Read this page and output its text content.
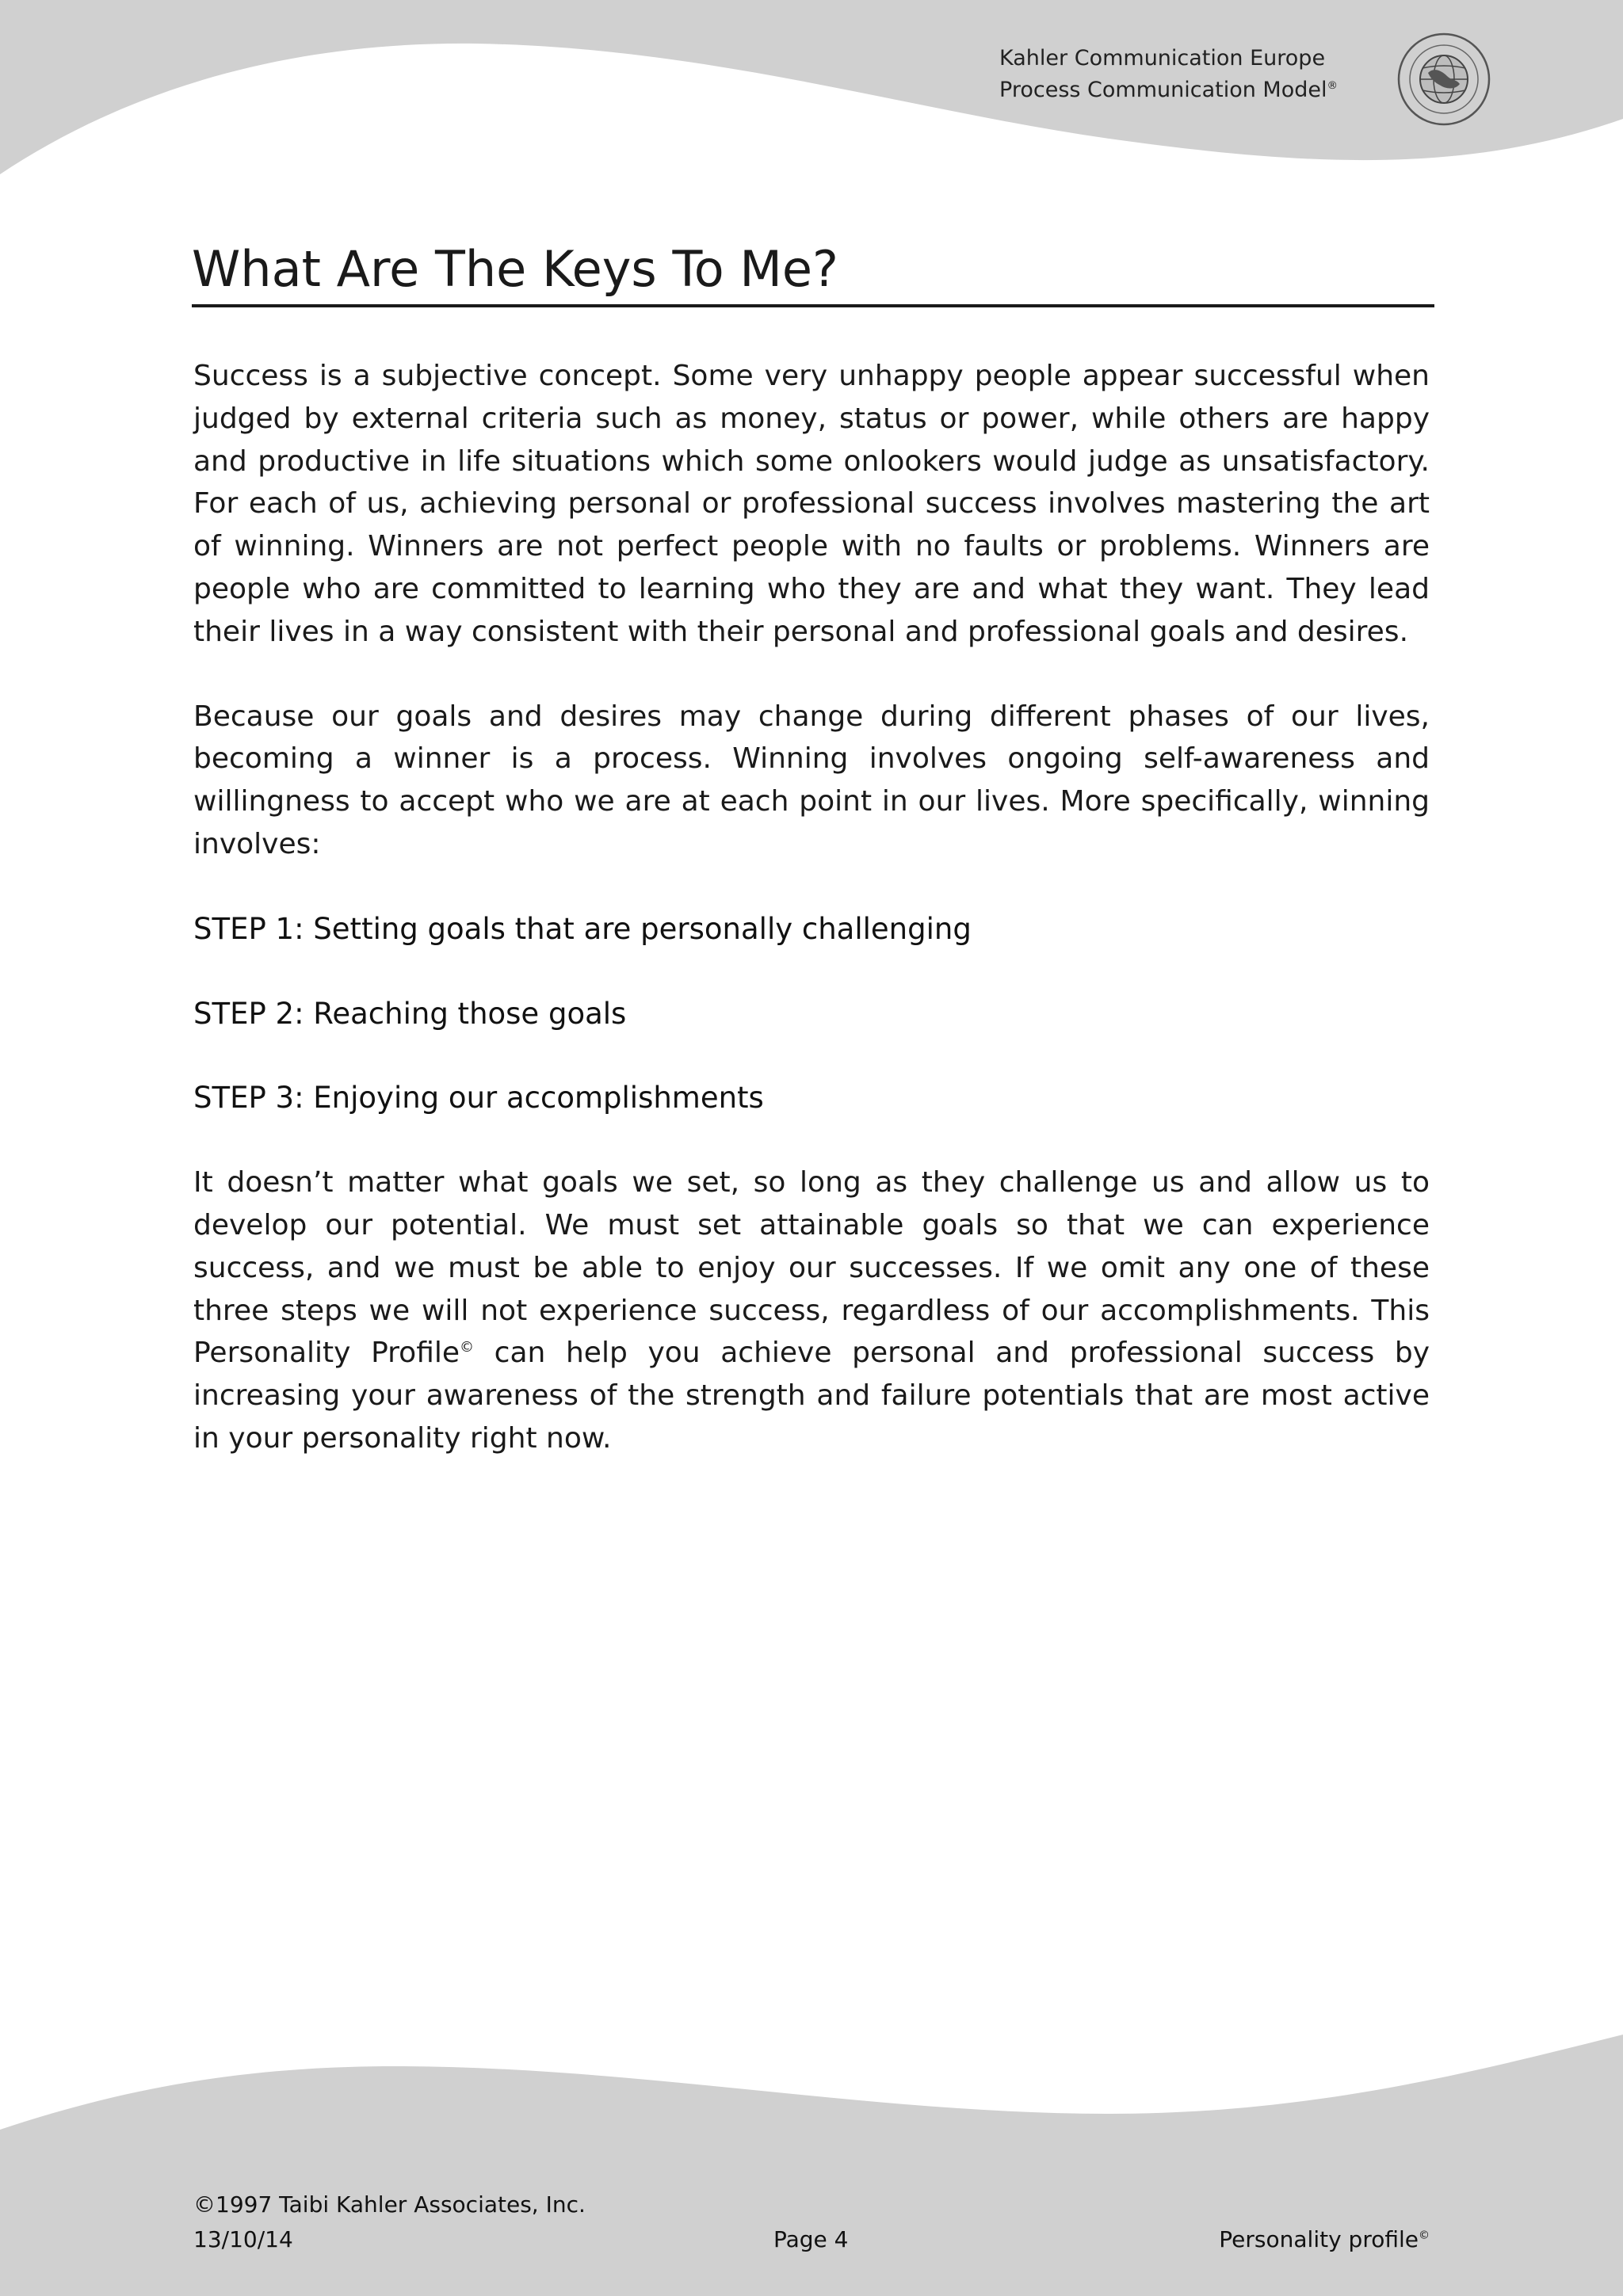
Kahler Communication Europe
Process Communication Model®
What Are The Keys To Me?

Success is a subjective concept. Some very unhappy people appear successful when judged by external criteria such as money, status or power, while others are happy and productive in life situations which some onlookers would judge as unsatisfactory. For each of us, achieving personal or professional success involves mastering the art of winning. Winners are not perfect people with no faults or problems. Winners are people who are committed to learning who they are and what they want. They lead their lives in a way consistent with their personal and professional goals and desires.

Because our goals and desires may change during different phases of our lives, becoming a winner is a process. Winning involves ongoing self-awareness and willingness to accept who we are at each point in our lives. More specifically, winning involves:

STEP 1: Setting goals that are personally challenging

STEP 2: Reaching those goals

STEP 3: Enjoying our accomplishments

It doesn’t matter what goals we set, so long as they challenge us and allow us to develop our potential. We must set attainable goals so that we can experience success, and we must be able to enjoy our successes. If we omit any one of these three steps we will not experience success, regardless of our accomplishments. This Personality Profile© can help you achieve personal and professional success by increasing your awareness of the strength and failure potentials that are most active in your personality right now.

©1997 Taibi Kahler Associates, Inc.
13/10/14	Page 4	Personality profile©
